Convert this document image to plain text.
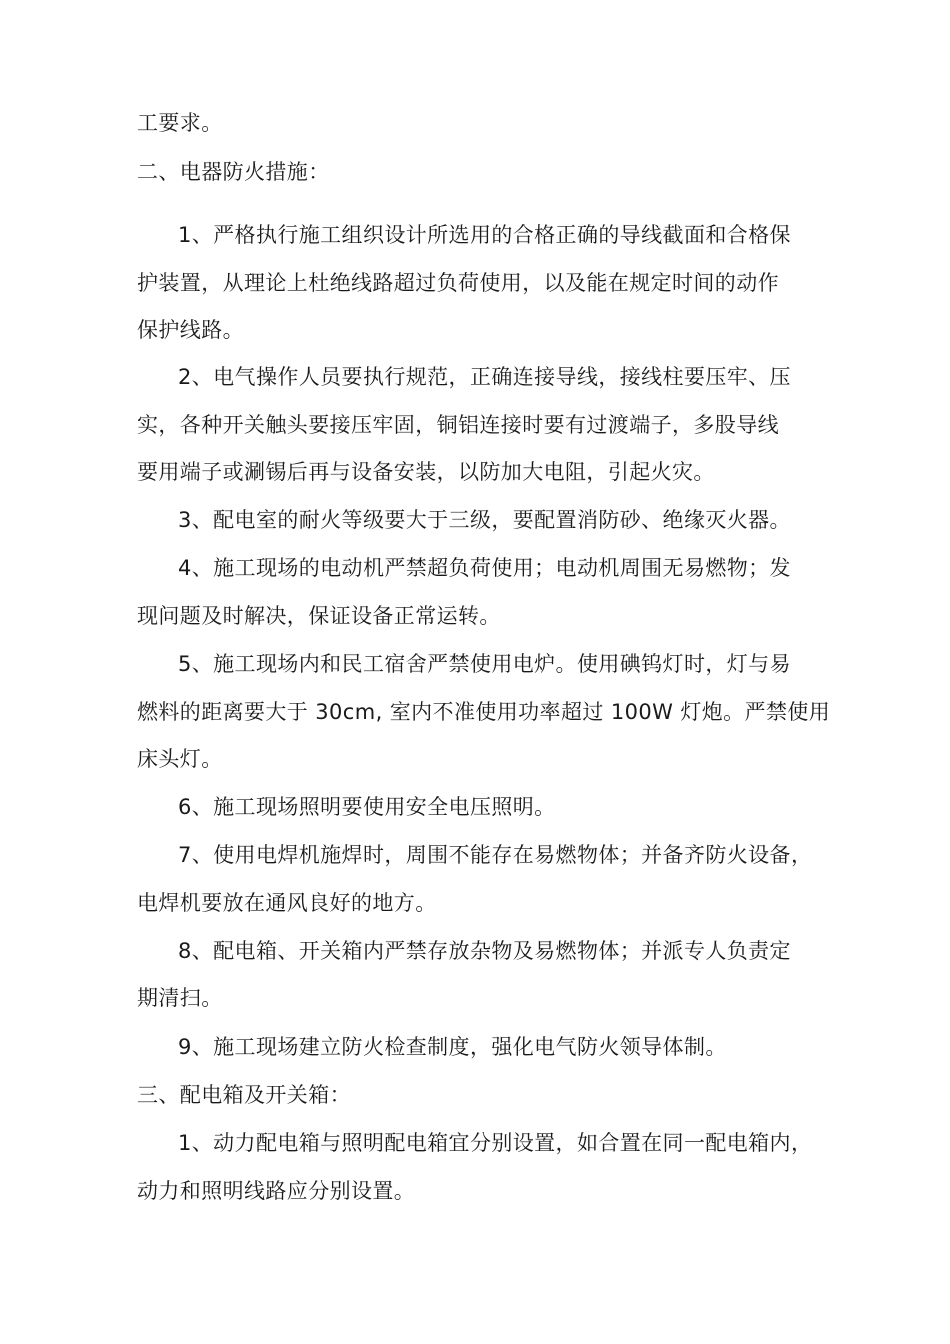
工要求。
二、电器防火措施：
1、严格执行施工组织设计所选用的合格正确的导线截面和合格保
护装置，从理论上杜绝线路超过负荷使用，以及能在规定时间的动作
保护线路。
2、电气操作人员要执行规范，正确连接导线，接线柱要压牢、压
实，各种开关触头要接压牢固，铜铝连接时要有过渡端子，多股导线
要用端子或涮锡后再与设备安装，以防加大电阻，引起火灾。
3、配电室的耐火等级要大于三级，要配置消防砂、绝缘灭火器。
4、施工现场的电动机严禁超负荷使用；电动机周围无易燃物；发
现问题及时解决，保证设备正常运转。
5、施工现场内和民工宿舍严禁使用电炉。使用碘钨灯时，灯与易
燃料的距离要大于 30cm, 室内不准使用功率超过 100W 灯炮。严禁使用
床头灯。
6、施工现场照明要使用安全电压照明。
7、使用电焊机施焊时，周围不能存在易燃物体；并备齐防火设备，
电焊机要放在通风良好的地方。
8、配电箱、开关箱内严禁存放杂物及易燃物体；并派专人负责定
期清扫。
9、施工现场建立防火检查制度，强化电气防火领导体制。
三、配电箱及开关箱：
1、动力配电箱与照明配电箱宜分别设置，如合置在同一配电箱内，
动力和照明线路应分别设置。
